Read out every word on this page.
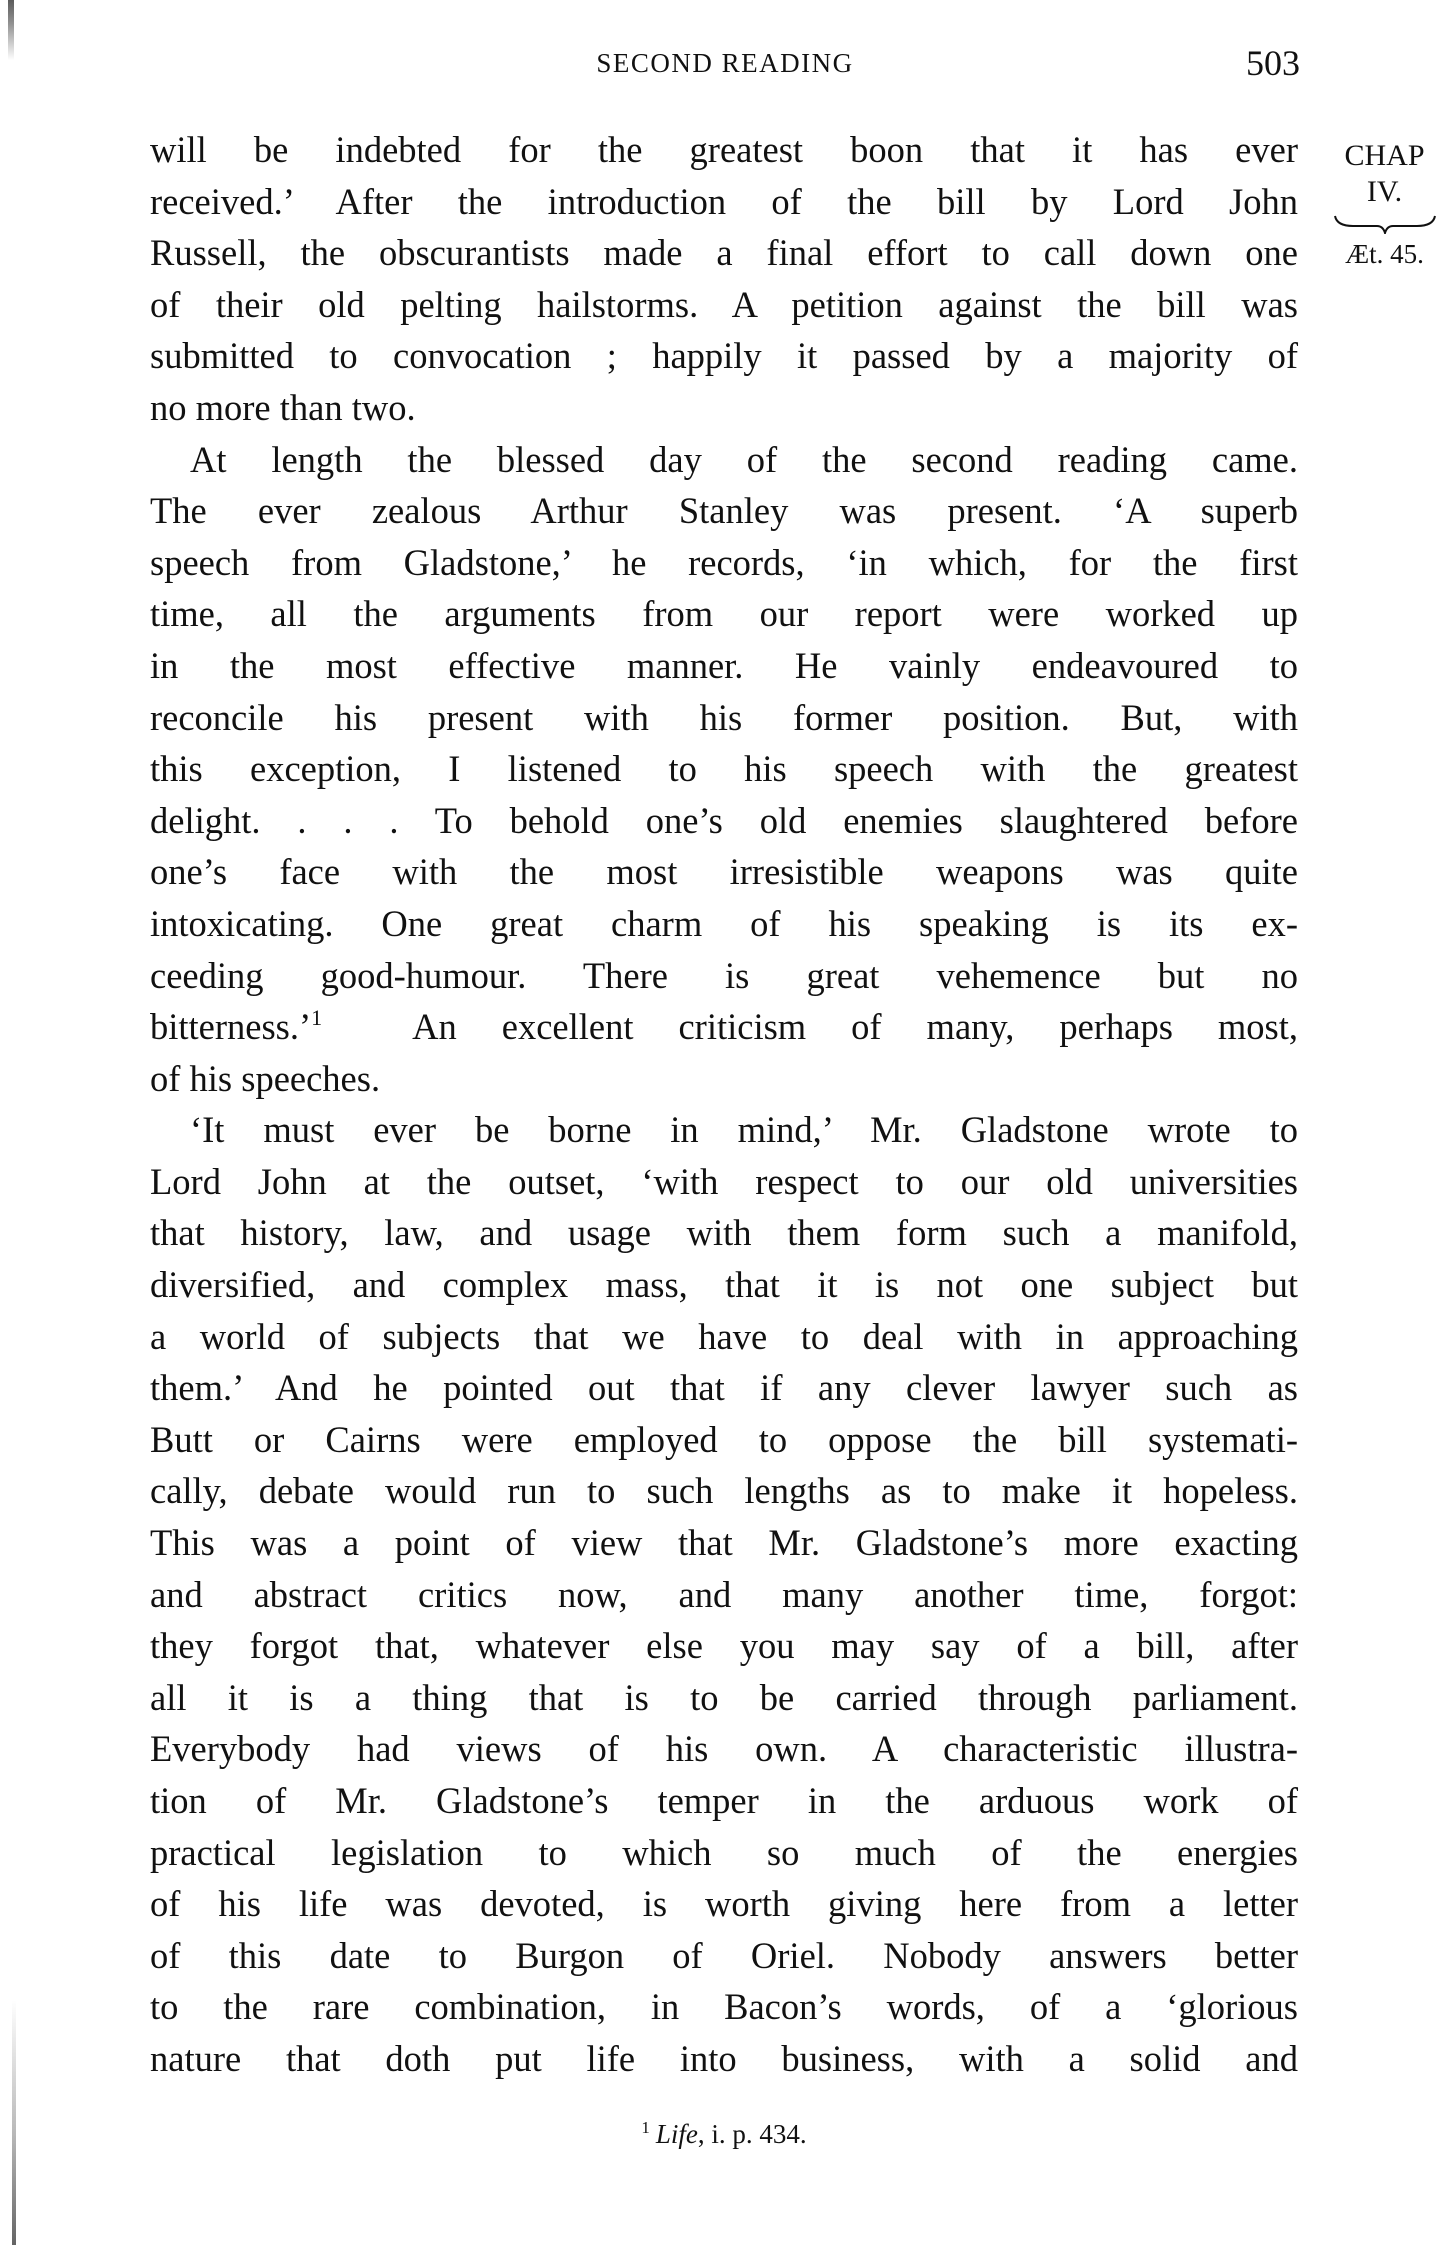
SECOND READING	503
CHAP
IV.
Æt. 45.

will be indebted for the greatest boon that it has ever
received.’ After the introduction of the bill by Lord John
Russell, the obscurantists made a final effort to call down one
of their old pelting hailstorms. A petition against the bill was
submitted to convocation ; happily it passed by a majority of
no more than two.

At length the blessed day of the second reading came.
The ever zealous Arthur Stanley was present. ‘A superb
speech from Gladstone,’ he records, ‘in which, for the first
time, all the arguments from our report were worked up
in the most effective manner. He vainly endeavoured to
reconcile his present with his former position. But, with
this exception, I listened to his speech with the greatest
delight. . . . To behold one’s old enemies slaughtered before
one’s face with the most irresistible weapons was quite
intoxicating. One great charm of his speaking is its ex-
ceeding good-humour. There is great vehemence but no
bitterness.’$^1$ An excellent criticism of many, perhaps most,
of his speeches.

‘It must ever be borne in mind,’ Mr. Gladstone wrote to
Lord John at the outset, ‘with respect to our old universities
that history, law, and usage with them form such a manifold,
diversified, and complex mass, that it is not one subject but
a world of subjects that we have to deal with in approaching
them.’ And he pointed out that if any clever lawyer such as
Butt or Cairns were employed to oppose the bill systemati-
cally, debate would run to such lengths as to make it hopeless.
This was a point of view that Mr. Gladstone’s more exacting
and abstract critics now, and many another time, forgot:
they forgot that, whatever else you may say of a bill, after
all it is a thing that is to be carried through parliament.
Everybody had views of his own. A characteristic illustra-
tion of Mr. Gladstone’s temper in the arduous work of
practical legislation to which so much of the energies
of his life was devoted, is worth giving here from a letter
of this date to Burgon of Oriel. Nobody answers better
to the rare combination, in Bacon’s words, of a ‘glorious
nature that doth put life into business, with a solid and

$^1$ Life, i. p. 434.
